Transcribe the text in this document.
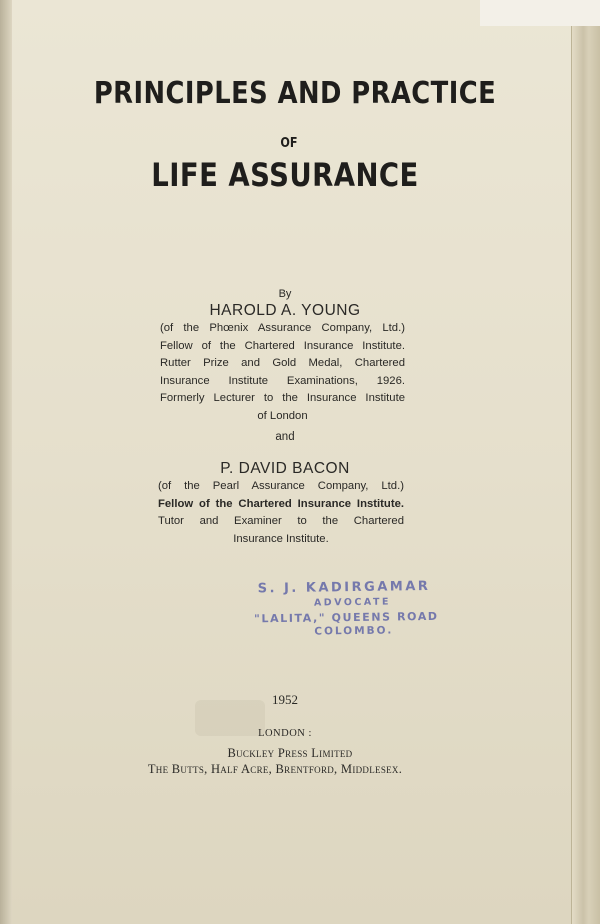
PRINCIPLES AND PRACTICE
OF
LIFE ASSURANCE
By
HAROLD A. YOUNG
(of the Phœnix Assurance Company, Ltd.)
Fellow of the Chartered Insurance Institute.
Rutter Prize and Gold Medal, Chartered
Insurance Institute Examinations, 1926.
Formerly Lecturer to the Insurance Institute
of London
and
P. DAVID BACON
(of the Pearl Assurance Company, Ltd.)
Fellow of the Chartered Insurance Institute.
Tutor and Examiner to the Chartered
Insurance Institute.
S. J. KADIRGAMAR
ADVOCATE
"LALITA," QUEENS ROAD
COLOMBO.
1952
LONDON :
Buckley Press Limited
The Butts, Half Acre, Brentford, Middlesex.
